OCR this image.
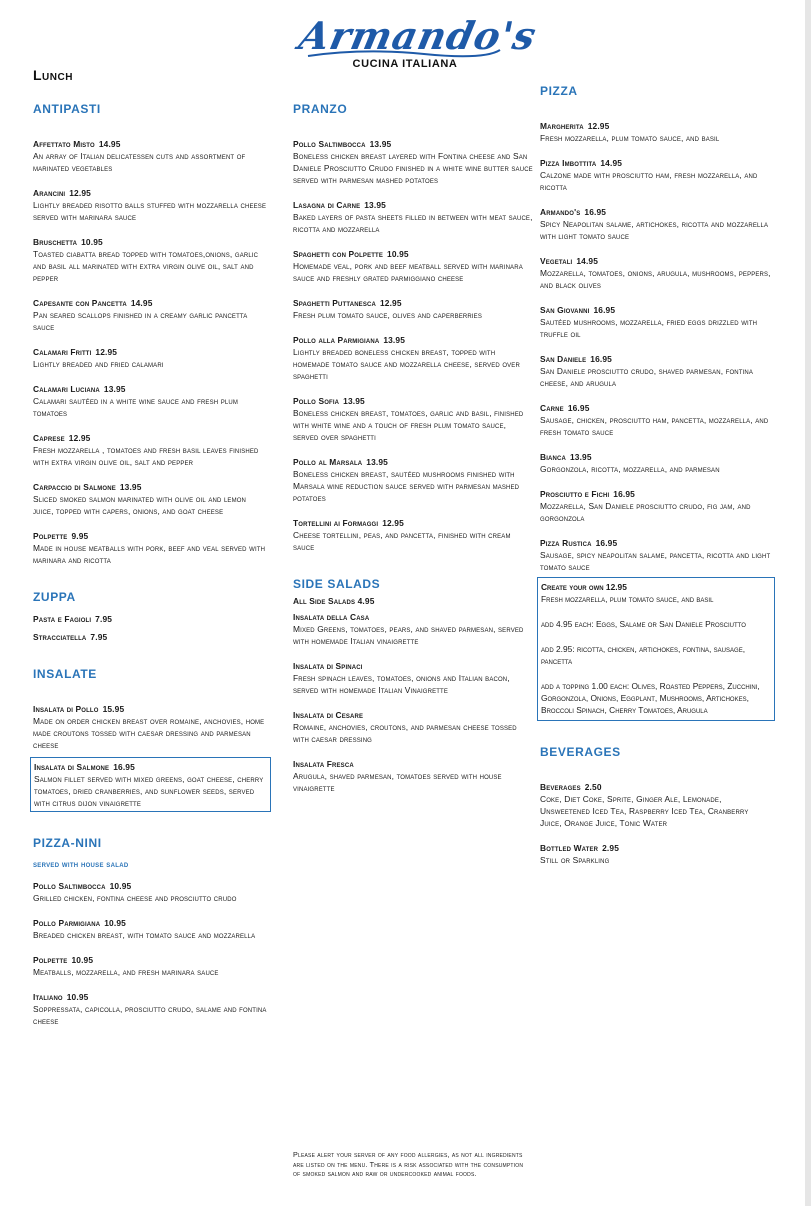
Armando's
CUCINA ITALIANA
Lunch
ANTIPASTI
Affettato Misto 14.95
An array of Italian delicatessen cuts and assortment of marinated vegetables
Arancini 12.95
Lightly breaded risotto balls stuffed with mozzarella cheese served with marinara sauce
Bruschetta 10.95
Toasted ciabatta bread topped with tomatoes,onions, garlic and basil all marinated with extra virgin olive oil, salt and pepper
Capesante con Pancetta 14.95
Pan seared scallops finished in a creamy garlic pancetta sauce
Calamari Fritti 12.95
Lightly breaded and fried calamari
Calamari Luciana 13.95
Calamari sautéed in a white wine sauce and fresh plum tomatoes
Caprese 12.95
Fresh mozzarella , tomatoes and fresh basil leaves finished with extra virgin olive oil, salt and pepper
Carpaccio di Salmone 13.95
Sliced smoked salmon marinated with olive oil and lemon juice, topped with capers, onions, and goat cheese
Polpette 9.95
Made in house meatballs with pork, beef and veal served with marinara and ricotta
ZUPPA
Pasta e Fagioli 7.95
Stracciatella 7.95
INSALATE
Insalata di Pollo 15.95
Made on order chicken breast over romaine, anchovies, home made croutons tossed with caesar dressing and parmesan cheese
Insalata di Salmone 16.95
Salmon fillet served with mixed greens, goat cheese, cherry tomatoes, dried cranberries, and sunflower seeds, served with citrus dijon vinaigrette
PIZZA-NINI
served with house salad
Pollo Saltimbocca 10.95
Grilled chicken, fontina cheese and prosciutto crudo
Pollo Parmigiana 10.95
Breaded chicken breast, with tomato sauce and mozzarella
Polpette 10.95
Meatballs, mozzarella, and fresh marinara sauce
Italiano 10.95
Soppressata, capicolla, prosciutto crudo, salame and fontina cheese
PRANZO
Pollo Saltimbocca 13.95
Boneless chicken breast layered with Fontina cheese and San Daniele Prosciutto Crudo finished in a white wine butter sauce served with parmesan mashed potatoes
Lasagna di Carne 13.95
Baked layers of pasta sheets filled in between with meat sauce, ricotta and mozzarella
Spaghetti con Polpette 10.95
Homemade veal, pork and beef meatball served with marinara sauce and freshly grated parmiggiano cheese
Spaghetti Puttanesca 12.95
Fresh plum tomato sauce, olives and caperberries
Pollo alla Parmigiana 13.95
Lightly breaded boneless chicken breast, topped with homemade tomato sauce and mozzarella cheese, served over spaghetti
Pollo Sofia 13.95
Boneless chicken breast, tomatoes, garlic and basil, finished with white wine and a touch of fresh plum tomato sauce, served over spaghetti
Pollo al Marsala 13.95
Boneless chicken breast, sautéed mushrooms finished with Marsala wine reduction sauce served with parmesan mashed potatoes
Tortellini ai Formaggi 12.95
Cheese tortellini, peas, and pancetta, finished with cream sauce
SIDE SALADS
All Side Salads 4.95
Insalata della Casa
Mixed Greens, tomatoes, pears, and shaved parmesan, served with homemade Italian vinaigrette
Insalata di Spinaci
Fresh spinach leaves, tomatoes, onions and Italian bacon, served with homemade Italian Vinaigrette
Insalata di Cesare
Romaine, anchovies, croutons, and parmesan cheese tossed with caesar dressing
Insalata Fresca
Arugula, shaved parmesan, tomatoes served with house vinaigrette
PIZZA
Margherita 12.95
Fresh mozzarella, plum tomato sauce, and basil
Pizza Imbottita 14.95
Calzone made with prosciutto ham, fresh mozzarella, and ricotta
Armando's 16.95
Spicy Neapolitan salame, artichokes, ricotta and mozzarella with light tomato sauce
Vegetali 14.95
Mozzarella, tomatoes, onions, arugula, mushrooms, peppers, and black olives
San Giovanni 16.95
Sautéed mushrooms, mozzarella, fried eggs drizzled with truffle oil
San Daniele 16.95
San Daniele prosciutto crudo, shaved parmesan, fontina cheese, and arugula
Carne 16.95
Sausage, chicken, prosciutto ham, pancetta, mozzarella, and fresh tomato sauce
Bianca 13.95
Gorgonzola, ricotta, mozzarella, and parmesan
Prosciutto e Fichi 16.95
Mozzarella, San Daniele prosciutto crudo, fig jam, and gorgonzola
Pizza Rustica 16.95
Sausage, spicy neapolitan salame, pancetta, ricotta and light tomato sauce
Create your own 12.95
Fresh mozzarella, plum tomato sauce, and basil
add 4.95 each: Eggs, Salame or San Daniele Prosciutto
add 2.95: ricotta, chicken, artichokes, fontina, sausage, pancetta
add a topping 1.00 each: Olives, Roasted Peppers, Zucchini, Gorgonzola, Onions, Eggplant, Mushrooms, Artichokes, Broccoli Spinach, Cherry Tomatoes, Arugula
BEVERAGES
Beverages 2.50
Coke, Diet Coke, Sprite, Ginger Ale, Lemonade, Unsweetened Iced Tea, Raspberry Iced Tea, Cranberry Juice, Orange Juice, Tonic Water
Bottled Water 2.95
Still or Sparkling
Please alert your server of any food allergies, as not all ingredients are listed on the menu. There is a risk associated with the consumption of smoked salmon and raw or undercooked animal foods.
